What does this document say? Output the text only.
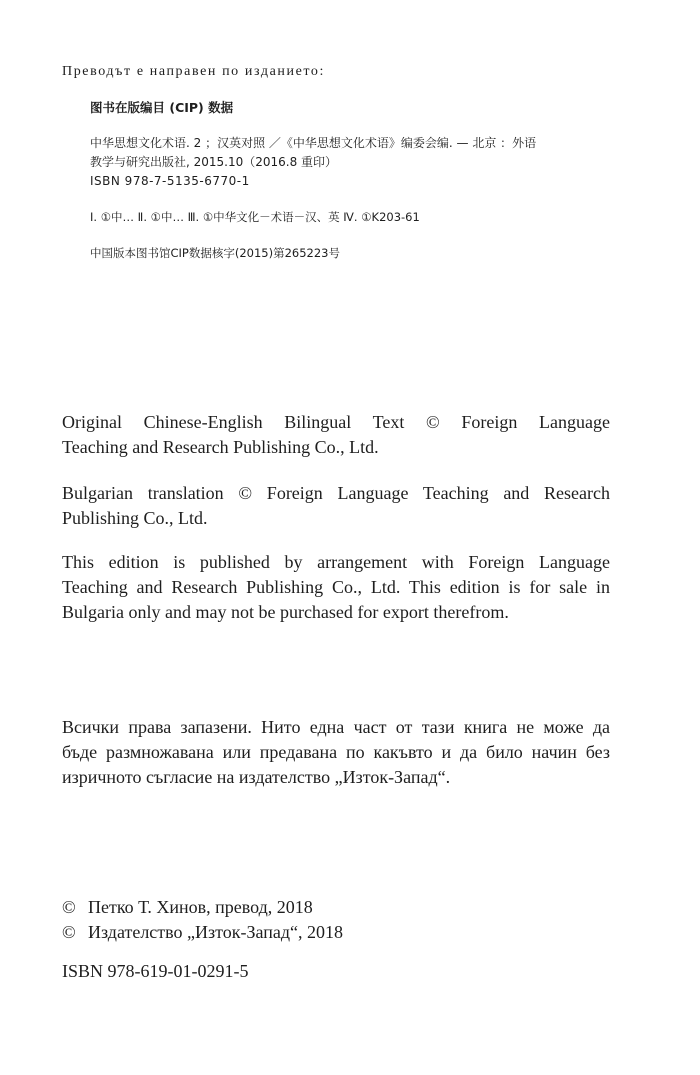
Преводът е направен по изданието:

图书在版编目 (CIP) 数据

中华思想文化术语. 2 ；汉英对照 ／《中华思想文化术语》编委会编. — 北京 ：外语
教学与研究出版社, 2015.10（2016.8 重印）
ISBN 978-7-5135-6770-1

Ⅰ. ①中… Ⅱ. ①中… Ⅲ. ①中华文化－术语－汉、英 Ⅳ. ①K203-61

中国版本图书馆CIP数据核字(2015)第265223号

Original Chinese-English Bilingual Text © Foreign Language
Teaching and Research Publishing Co., Ltd.
Bulgarian translation © Foreign Language Teaching and Research
Publishing Co., Ltd.
This edition is published by arrangement with Foreign Language
Teaching and Research Publishing Co., Ltd. This edition is for sale in
Bulgaria only and may not be purchased for export therefrom.
Всички права запазени. Нито една част от тази книга не може да
бъде размножавана или предавана по какъвто и да било начин без
изричното съгласие на издателство „Изток-Запад“.
© Петко Т. Хинов, превод, 2018
© Издателство „Изток-Запад“, 2018

ISBN 978-619-01-0291-5
